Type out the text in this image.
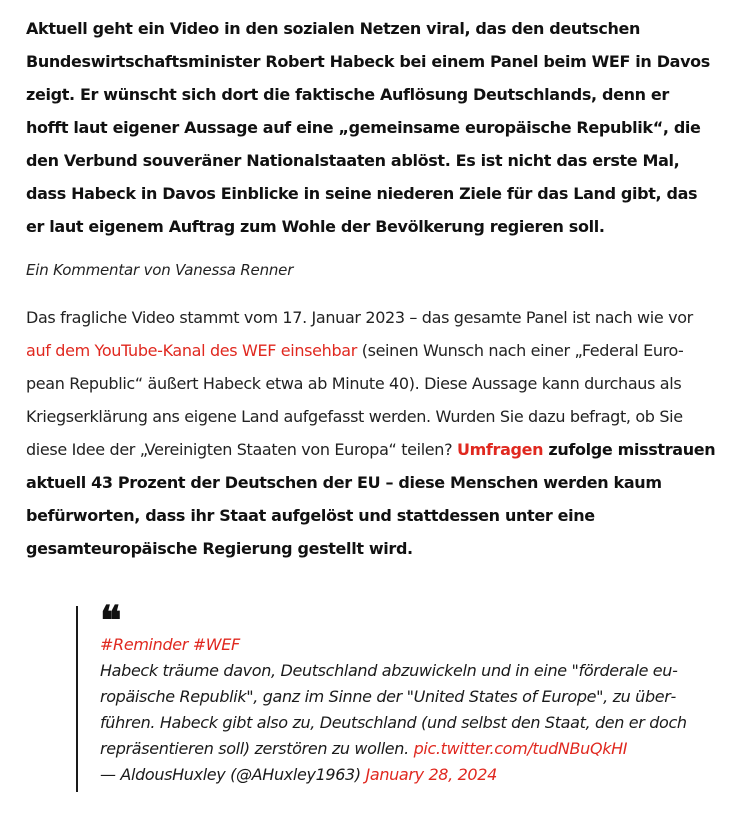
Aktuell geht ein Video in den sozialen Netzen viral, das den deutschen Bundeswirtschaftsminister Robert Habeck bei einem Panel beim WEF in Davos zeigt. Er wünscht sich dort die faktische Auflösung Deutschlands, denn er hofft laut eigener Aussage auf eine „gemeinsame europäische Republik“, die den Verbund souveräner Nationalstaaten ablöst. Es ist nicht das erste Mal, dass Habeck in Davos Einblicke in seine niederen Ziele für das Land gibt, das er laut eigenem Auftrag zum Wohle der Bevölkerung regieren soll.

Ein Kommentar von Vanessa Renner

Das fragliche Video stammt vom 17. Januar 2023 – das gesamte Panel ist nach wie vor auf dem YouTube-Kanal des WEF einsehbar (seinen Wunsch nach einer „Federal European Republic“ äußert Habeck etwa ab Minute 40). Diese Aussage kann durchaus als Kriegserklärung ans eigene Land aufgefasst werden. Wurden Sie dazu befragt, ob Sie diese Idee der „Vereinigten Staaten von Europa“ teilen? Umfragen zufolge misstrauen aktuell 43 Prozent der Deutschen der EU – diese Menschen werden kaum befürworten, dass ihr Staat aufgelöst und stattdessen unter eine gesamteuropäische Regierung gestellt wird.

❝

#Reminder #WEF
Habeck träume davon, Deutschland abzuwickeln und in eine "förderale europäische Republik", ganz im Sinne der "United States of Europe", zu überführen. Habeck gibt also zu, Deutschland (und selbst den Staat, den er doch repräsentieren soll) zerstören zu wollen. pic.twitter.com/tudNBuQkHI
— AldousHuxley (@AHuxley1963) January 28, 2024
